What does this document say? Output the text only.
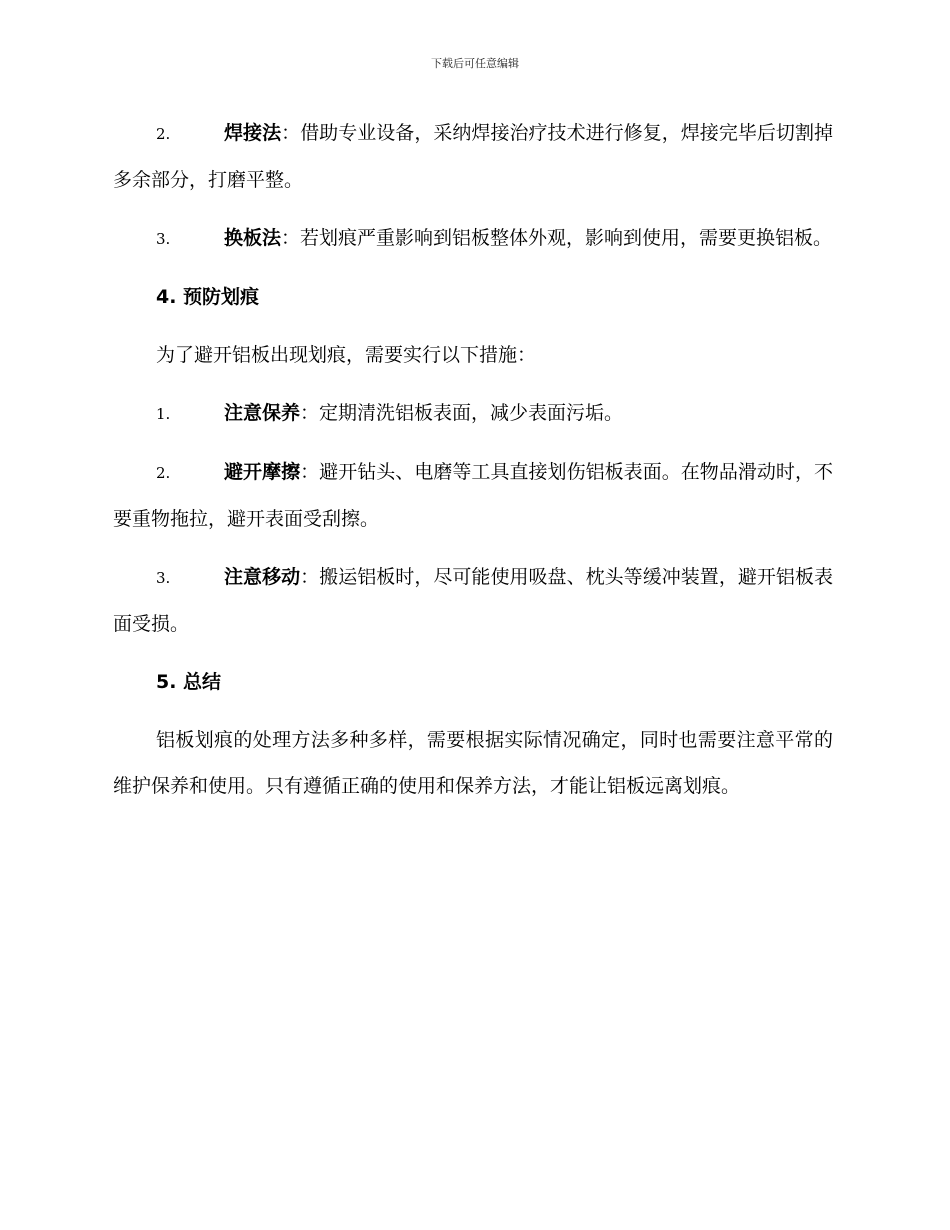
下载后可任意编辑

2.	焊接法：借助专业设备，采纳焊接治疗技术进行修复，焊接完毕后切割掉多余部分，打磨平整。

3.	换板法：若划痕严重影响到铝板整体外观，影响到使用，需要更换铝板。

4. 预防划痕

为了避开铝板出现划痕，需要实行以下措施：

1.	注意保养：定期清洗铝板表面，减少表面污垢。

2.	避开摩擦：避开钻头、电磨等工具直接划伤铝板表面。在物品滑动时，不要重物拖拉，避开表面受刮擦。

3.	注意移动：搬运铝板时，尽可能使用吸盘、枕头等缓冲装置，避开铝板表面受损。

5. 总结

铝板划痕的处理方法多种多样，需要根据实际情况确定，同时也需要注意平常的维护保养和使用。只有遵循正确的使用和保养方法，才能让铝板远离划痕。
